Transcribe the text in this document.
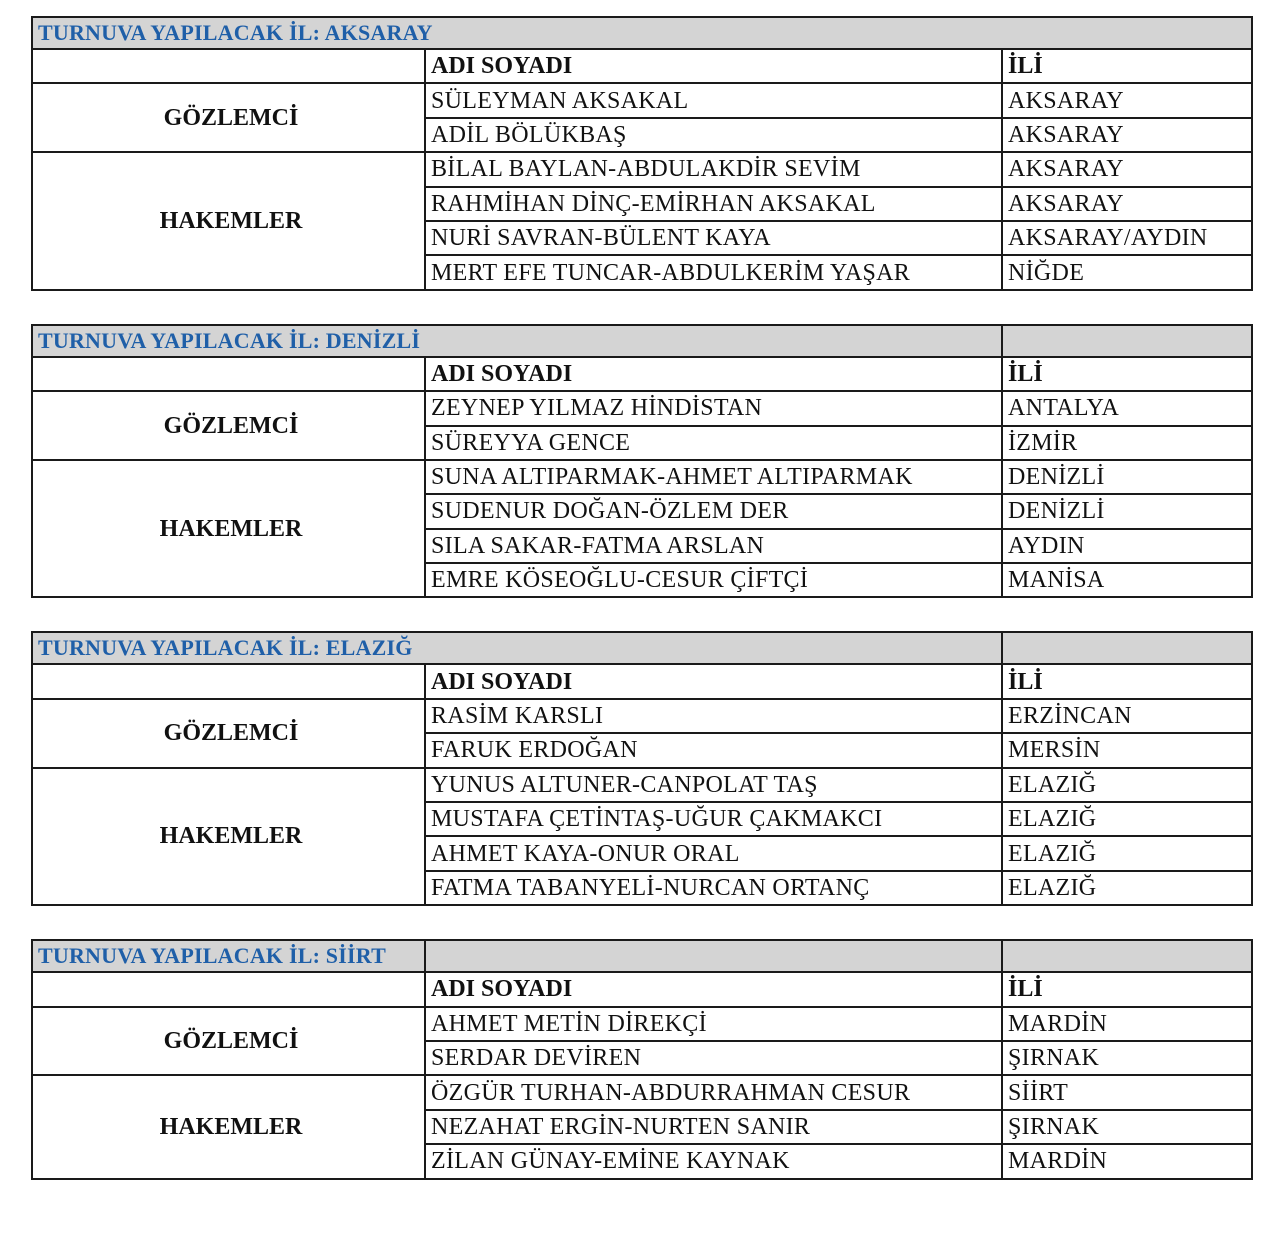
TURNUVA YAPILACAK İL: AKSARAY		
	ADI SOYADI	İLİ
GÖZLEMCİ	SÜLEYMAN AKSAKAL	AKSARAY
	ADİL BÖLÜKBAŞ	AKSARAY
HAKEMLER	BİLAL BAYLAN-ABDULAKDİR SEVİM	AKSARAY
	RAHMİHAN DİNÇ-EMİRHAN AKSAKAL	AKSARAY
	NURİ SAVRAN-BÜLENT KAYA	AKSARAY/AYDIN
	MERT EFE TUNCAR-ABDULKERİM YAŞAR	NİĞDE
TURNUVA YAPILACAK İL: DENİZLİ		
	ADI SOYADI	İLİ
GÖZLEMCİ	ZEYNEP YILMAZ HİNDİSTAN	ANTALYA
	SÜREYYA GENCE	İZMİR
HAKEMLER	SUNA ALTIPARMAK-AHMET ALTIPARMAK	DENİZLİ
	SUDENUR DOĞAN-ÖZLEM DER	DENİZLİ
	SILA SAKAR-FATMA ARSLAN	AYDIN
	EMRE KÖSEOĞLU-CESUR ÇİFTÇİ	MANİSA
TURNUVA YAPILACAK İL: ELAZIĞ		
	ADI SOYADI	İLİ
GÖZLEMCİ	RASİM KARSLI	ERZİNCAN
	FARUK ERDOĞAN	MERSİN
HAKEMLER	YUNUS ALTUNER-CANPOLAT TAŞ	ELAZIĞ
	MUSTAFA ÇETİNTAŞ-UĞUR ÇAKMAKCI	ELAZIĞ
	AHMET KAYA-ONUR ORAL	ELAZIĞ
	FATMA TABANYELİ-NURCAN ORTANÇ	ELAZIĞ
TURNUVA YAPILACAK İL: SİİRT		
	ADI SOYADI	İLİ
GÖZLEMCİ	AHMET METİN DİREKÇİ	MARDİN
	SERDAR DEVİREN	ŞIRNAK
HAKEMLER	ÖZGÜR TURHAN-ABDURRAHMAN CESUR	SİİRT
	NEZAHAT ERGİN-NURTEN SANIR	ŞIRNAK
	ZİLAN GÜNAY-EMİNE KAYNAK	MARDİN
